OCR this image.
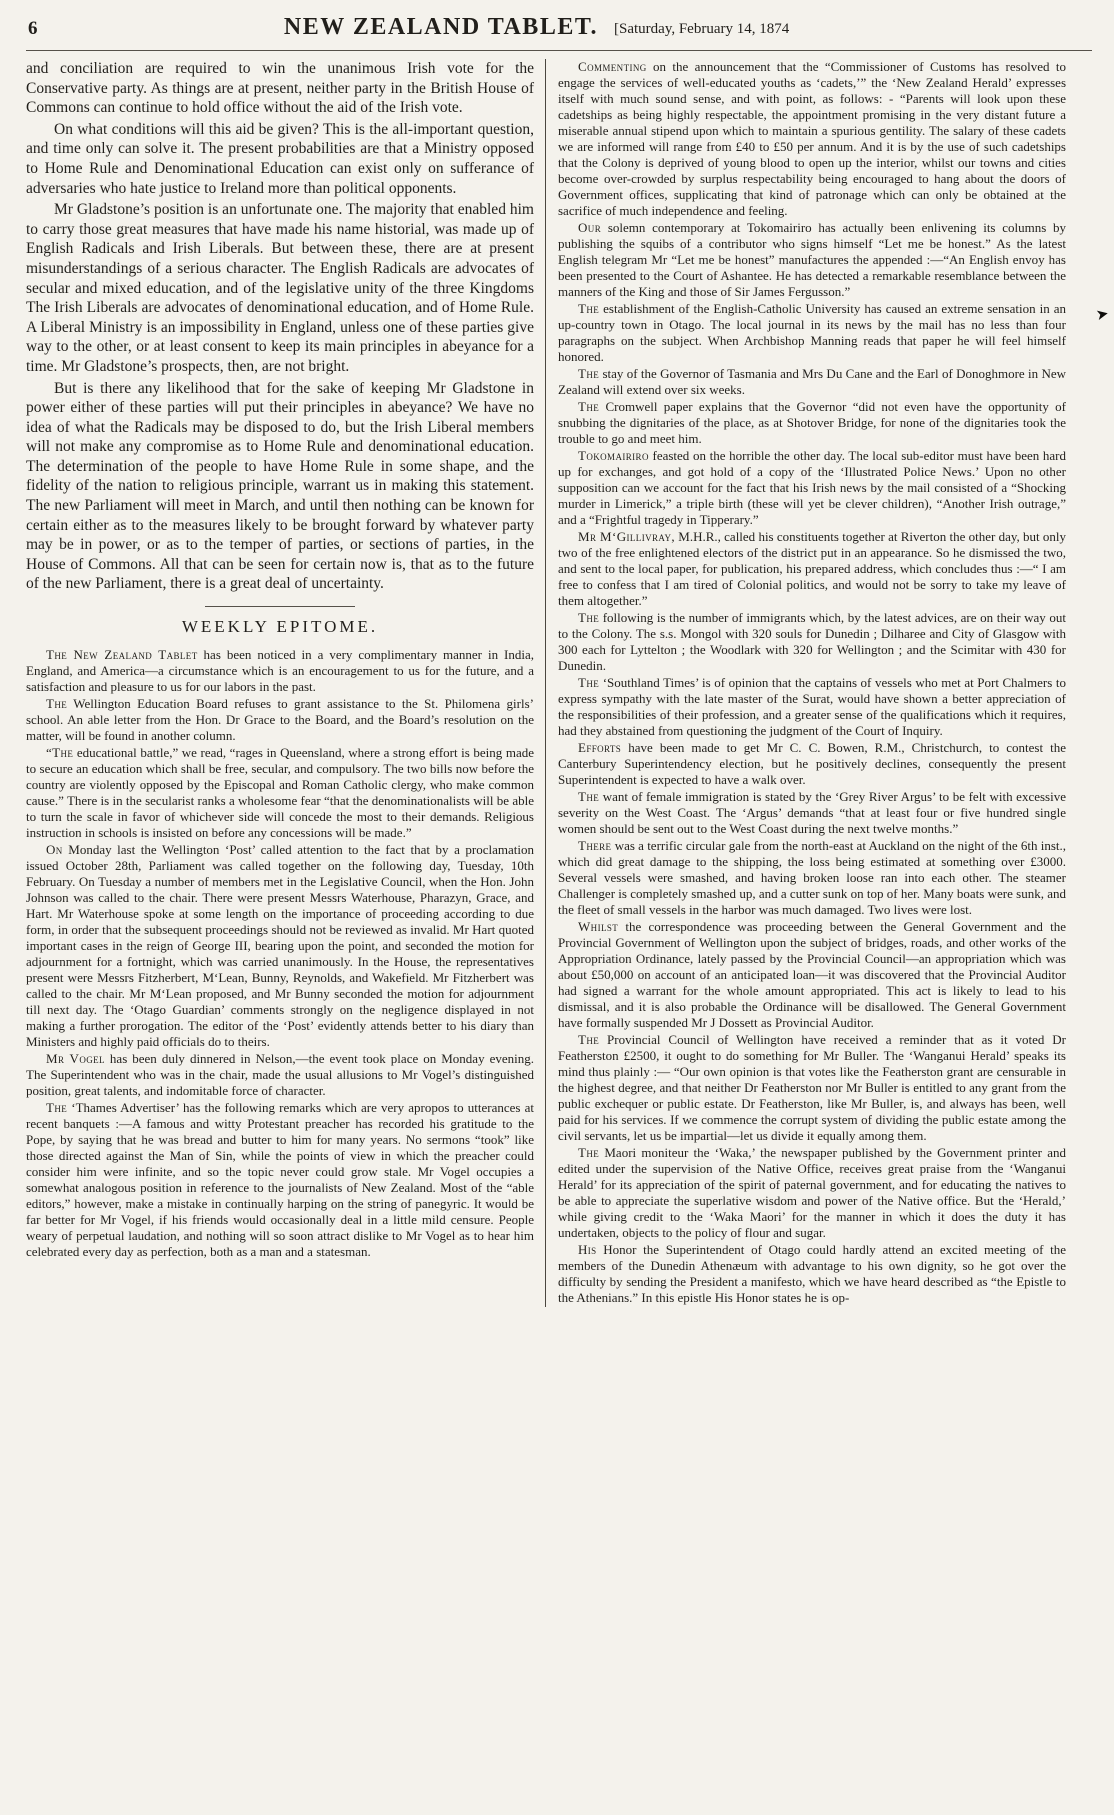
6	NEW ZEALAND TABLET.	[Saturday, February 14, 1874

and conciliation are required to win the unanimous Irish vote for the Conservative party. As things are at present, neither party in the British House of Commons can continue to hold office without the aid of the Irish vote.

On what conditions will this aid be given? This is the all-important question, and time only can solve it. The present probabilities are that a Ministry opposed to Home Rule and Denominational Education can exist only on sufferance of adversaries who hate justice to Ireland more than political opponents.

Mr Gladstone’s position is an unfortunate one. The majority that enabled him to carry those great measures that have made his name historial, was made up of English Radicals and Irish Liberals. But between these, there are at present misunderstandings of a serious character. The English Radicals are advocates of secular and mixed education, and of the legislative unity of the three Kingdoms The Irish Liberals are advocates of denominational education, and of Home Rule. A Liberal Ministry is an impossibility in England, unless one of these parties give way to the other, or at least consent to keep its main principles in abeyance for a time. Mr Gladstone’s prospects, then, are not bright.

But is there any likelihood that for the sake of keeping Mr Gladstone in power either of these parties will put their principles in abeyance? We have no idea of what the Radicals may be disposed to do, but the Irish Liberal members will not make any compromise as to Home Rule and denominational education. The determination of the people to have Home Rule in some shape, and the fidelity of the nation to religious principle, warrant us in making this statement. The new Parliament will meet in March, and until then nothing can be known for certain either as to the measures likely to be brought forward by whatever party may be in power, or as to the temper of parties, or sections of parties, in the House of Commons. All that can be seen for certain now is, that as to the future of the new Parliament, there is a great deal of uncertainty.

WEEKLY EPITOME.

The New Zealand Tablet has been noticed in a very complimentary manner in India, England, and America—a circumstance which is an encouragement to us for the future, and a satisfaction and pleasure to us for our labors in the past.

The Wellington Education Board refuses to grant assistance to the St. Philomena girls’ school. An able letter from the Hon. Dr Grace to the Board, and the Board’s resolution on the matter, will be found in another column.

“The educational battle,” we read, “rages in Queensland, where a strong effort is being made to secure an education which shall be free, secular, and compulsory. The two bills now before the country are violently opposed by the Episcopal and Roman Catholic clergy, who make common cause.” There is in the secularist ranks a wholesome fear “that the denominationalists will be able to turn the scale in favor of whichever side will concede the most to their demands. Religious instruction in schools is insisted on before any concessions will be made.”

On Monday last the Wellington ‘Post’ called attention to the fact that by a proclamation issued October 28th, Parliament was called together on the following day, Tuesday, 10th February. On Tuesday a number of members met in the Legislative Council, when the Hon. John Johnson was called to the chair. There were present Messrs Waterhouse, Pharazyn, Grace, and Hart. Mr Waterhouse spoke at some length on the importance of proceeding according to due form, in order that the subsequent proceedings should not be reviewed as invalid. Mr Hart quoted important cases in the reign of George III, bearing upon the point, and seconded the motion for adjournment for a fortnight, which was carried unanimously. In the House, the representatives present were Messrs Fitzherbert, M‘Lean, Bunny, Reynolds, and Wakefield. Mr Fitzherbert was called to the chair. Mr M‘Lean proposed, and Mr Bunny seconded the motion for adjournment till next day. The ‘Otago Guardian’ comments strongly on the negligence displayed in not making a further prorogation. The editor of the ‘Post’ evidently attends better to his diary than Ministers and highly paid officials do to theirs.

Mr Vogel has been duly dinnered in Nelson,—the event took place on Monday evening. The Superintendent who was in the chair, made the usual allusions to Mr Vogel’s distinguished position, great talents, and indomitable force of character.

The ‘Thames Advertiser’ has the following remarks which are very apropos to utterances at recent banquets :—A famous and witty Protestant preacher has recorded his gratitude to the Pope, by saying that he was bread and butter to him for many years. No sermons “took” like those directed against the Man of Sin, while the points of view in which the preacher could consider him were infinite, and so the topic never could grow stale. Mr Vogel occupies a somewhat analogous position in reference to the journalists of New Zealand. Most of the “able editors,” however, make a mistake in continually harping on the string of panegyric. It would be far better for Mr Vogel, if his friends would occasionally deal in a little mild censure. People weary of perpetual laudation, and nothing will so soon attract dislike to Mr Vogel as to hear him celebrated every day as perfection, both as a man and a statesman.

Commenting on the announcement that the “Commissioner of Customs has resolved to engage the services of well-educated youths as ‘cadets,’” the ‘New Zealand Herald’ expresses itself with much sound sense, and with point, as follows: - “Parents will look upon these cadetships as being highly respectable, the appointment promising in the very distant future a miserable annual stipend upon which to maintain a spurious gentility. The salary of these cadets we are informed will range from £40 to £50 per annum. And it is by the use of such cadetships that the Colony is deprived of young blood to open up the interior, whilst our towns and cities become over-crowded by surplus respectability being encouraged to hang about the doors of Government offices, supplicating that kind of patronage which can only be obtained at the sacrifice of much independence and feeling.

Our solemn contemporary at Tokomairiro has actually been enlivening its columns by publishing the squibs of a contributor who signs himself “Let me be honest.” As the latest English telegram Mr “Let me be honest” manufactures the appended :—“An English envoy has been presented to the Court of Ashantee. He has detected a remarkable resemblance between the manners of the King and those of Sir James Fergusson.”

The establishment of the English-Catholic University has caused an extreme sensation in an up-country town in Otago. The local journal in its news by the mail has no less than four paragraphs on the subject. When Archbishop Manning reads that paper he will feel himself honored.

The stay of the Governor of Tasmania and Mrs Du Cane and the Earl of Donoghmore in New Zealand will extend over six weeks.

The Cromwell paper explains that the Governor “did not even have the opportunity of snubbing the dignitaries of the place, as at Shotover Bridge, for none of the dignitaries took the trouble to go and meet him.

Tokomairiro feasted on the horrible the other day. The local sub-editor must have been hard up for exchanges, and got hold of a copy of the ‘Illustrated Police News.’ Upon no other supposition can we account for the fact that his Irish news by the mail consisted of a “Shocking murder in Limerick,” a triple birth (these will yet be clever children), “Another Irish outrage,” and a “Frightful tragedy in Tipperary.”

Mr M‘Gillivray, M.H.R., called his constituents together at Riverton the other day, but only two of the free enlightened electors of the district put in an appearance. So he dismissed the two, and sent to the local paper, for publication, his prepared address, which concludes thus :—“ I am free to confess that I am tired of Colonial politics, and would not be sorry to take my leave of them altogether.”

The following is the number of immigrants which, by the latest advices, are on their way out to the Colony. The s.s. Mongol with 320 souls for Dunedin ; Dilharee and City of Glasgow with 300 each for Lyttelton ; the Woodlark with 320 for Wellington ; and the Scimitar with 430 for Dunedin.

The ‘Southland Times’ is of opinion that the captains of vessels who met at Port Chalmers to express sympathy with the late master of the Surat, would have shown a better appreciation of the responsibilities of their profession, and a greater sense of the qualifications which it requires, had they abstained from questioning the judgment of the Court of Inquiry.

Efforts have been made to get Mr C. C. Bowen, R.M., Christchurch, to contest the Canterbury Superintendency election, but he positively declines, consequently the present Superintendent is expected to have a walk over.

The want of female immigration is stated by the ‘Grey River Argus’ to be felt with excessive severity on the West Coast. The ‘Argus’ demands “that at least four or five hundred single women should be sent out to the West Coast during the next twelve months.”

There was a terrific circular gale from the north-east at Auckland on the night of the 6th inst., which did great damage to the shipping, the loss being estimated at something over £3000. Several vessels were smashed, and having broken loose ran into each other. The steamer Challenger is completely smashed up, and a cutter sunk on top of her. Many boats were sunk, and the fleet of small vessels in the harbor was much damaged. Two lives were lost.

Whilst the correspondence was proceeding between the General Government and the Provincial Government of Wellington upon the subject of bridges, roads, and other works of the Appropriation Ordinance, lately passed by the Provincial Council—an appropriation which was about £50,000 on account of an anticipated loan—it was discovered that the Provincial Auditor had signed a warrant for the whole amount appropriated. This act is likely to lead to his dismissal, and it is also probable the Ordinance will be disallowed. The General Government have formally suspended Mr J Dossett as Provincial Auditor.

The Provincial Council of Wellington have received a reminder that as it voted Dr Featherston £2500, it ought to do something for Mr Buller. The ‘Wanganui Herald’ speaks its mind thus plainly :— “Our own opinion is that votes like the Featherston grant are censurable in the highest degree, and that neither Dr Featherston nor Mr Buller is entitled to any grant from the public exchequer or public estate. Dr Featherston, like Mr Buller, is, and always has been, well paid for his services. If we commence the corrupt system of dividing the public estate among the civil servants, let us be impartial—let us divide it equally among them.

The Maori moniteur the ‘Waka,’ the newspaper published by the Government printer and edited under the supervision of the Native Office, receives great praise from the ‘Wanganui Herald’ for its appreciation of the spirit of paternal government, and for educating the natives to be able to appreciate the superlative wisdom and power of the Native office. But the ‘Herald,’ while giving credit to the ‘Waka Maori’ for the manner in which it does the duty it has undertaken, objects to the policy of flour and sugar.

His Honor the Superintendent of Otago could hardly attend an excited meeting of the members of the Dunedin Athenæum with advantage to his own dignity, so he got over the difficulty by sending the President a manifesto, which we have heard described as “the Epistle to the Athenians.” In this epistle His Honor states he is op-

➤
